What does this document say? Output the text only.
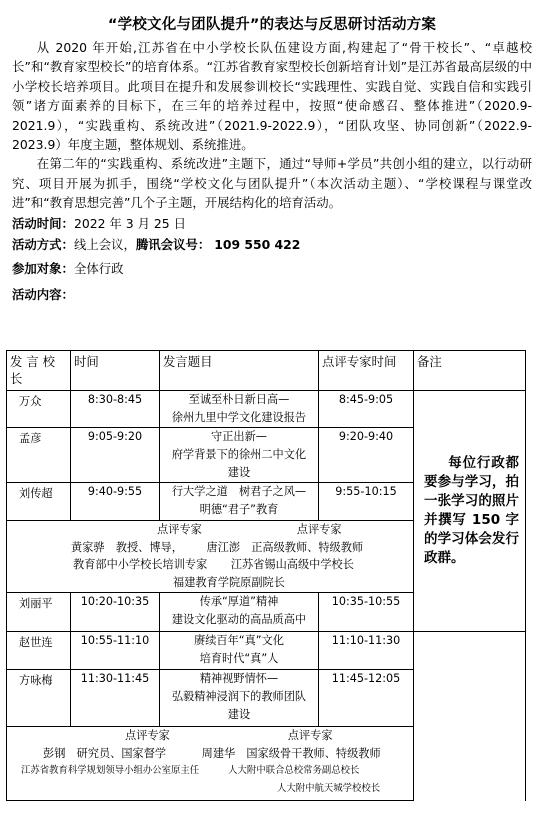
“学校文化与团队提升”的表达与反思研讨活动方案

从 2020 年开始,江苏省在中小学校长队伍建设方面,构建起了“骨干校长”、“卓越校长”和“教育家型校长”的培育体系。“江苏省教育家型校长创新培育计划”是江苏省最高层级的中小学校长培养项目。此项目在提升和发展参训校长“实践理性、实践自觉、实践自信和实践引领”诸方面素养的目标下，在三年的培养过程中，按照“使命感召、整体推进”（2020.9-2021.9），“实践重构、系统改进”（2021.9-2022.9），“团队攻坚、协同创新”（2022.9-2023.9）年度主题，整体规划、系统推进。

在第二年的“实践重构、系统改进”主题下，通过“导师+学员”共创小组的建立，以行动研究、项目开展为抓手，围绕“学校文化与团队提升”（本次活动主题）、“学校课程与课堂改进”和“教育思想完善”几个子主题，开展结构化的培育活动。

活动时间：2022 年 3 月 25 日

活动方式：线上会议，腾讯会议号： 109 550 422

参加对象：全体行政

活动内容：

发 言 校长	时间	发言题目	点评专家时间	备注	
万众	8:30-8:45	至诚至朴日新日高—
徐州九里中学文化建设报告	8:45-9:05	每位行政都要参与学习，拍一张学习的照片并撰写 150 字的学习体会发行政群。	

孟彦	9:05-9:20	守正出新—
府学背景下的徐州二中文化
建设	9:20-9:40		
刘传超	9:40-9:55	行大学之道　树君子之风—
明德“君子”教育	9:55-10:15		

点评专家 点评专家
黄家骅　教授、博导， 唐江澎　正高级教师、特级教师
教育部中小学校长培训专家 江苏省锡山高级中学校长
福建教育学院原副院长					

刘丽平	10:20-10:35	传承“厚道”精神
建设文化驱动的高品质高中	10:35-10:55		
赵世连	10:55-11:10	赓续百年“真”文化
培育时代“真”人	11:10-11:30		
方咏梅	11:30-11:45	精神视野情怀—
弘毅精神浸润下的教师团队
建设	11:45-12:05		

点评专家 点评专家
彭钢　研究员、国家督学 周建华　国家级骨干教师、特级教师
江苏省教育科学规划领导小组办公室原主任 人大附中联合总校常务副总校长
人大附中航天城学校校长					
